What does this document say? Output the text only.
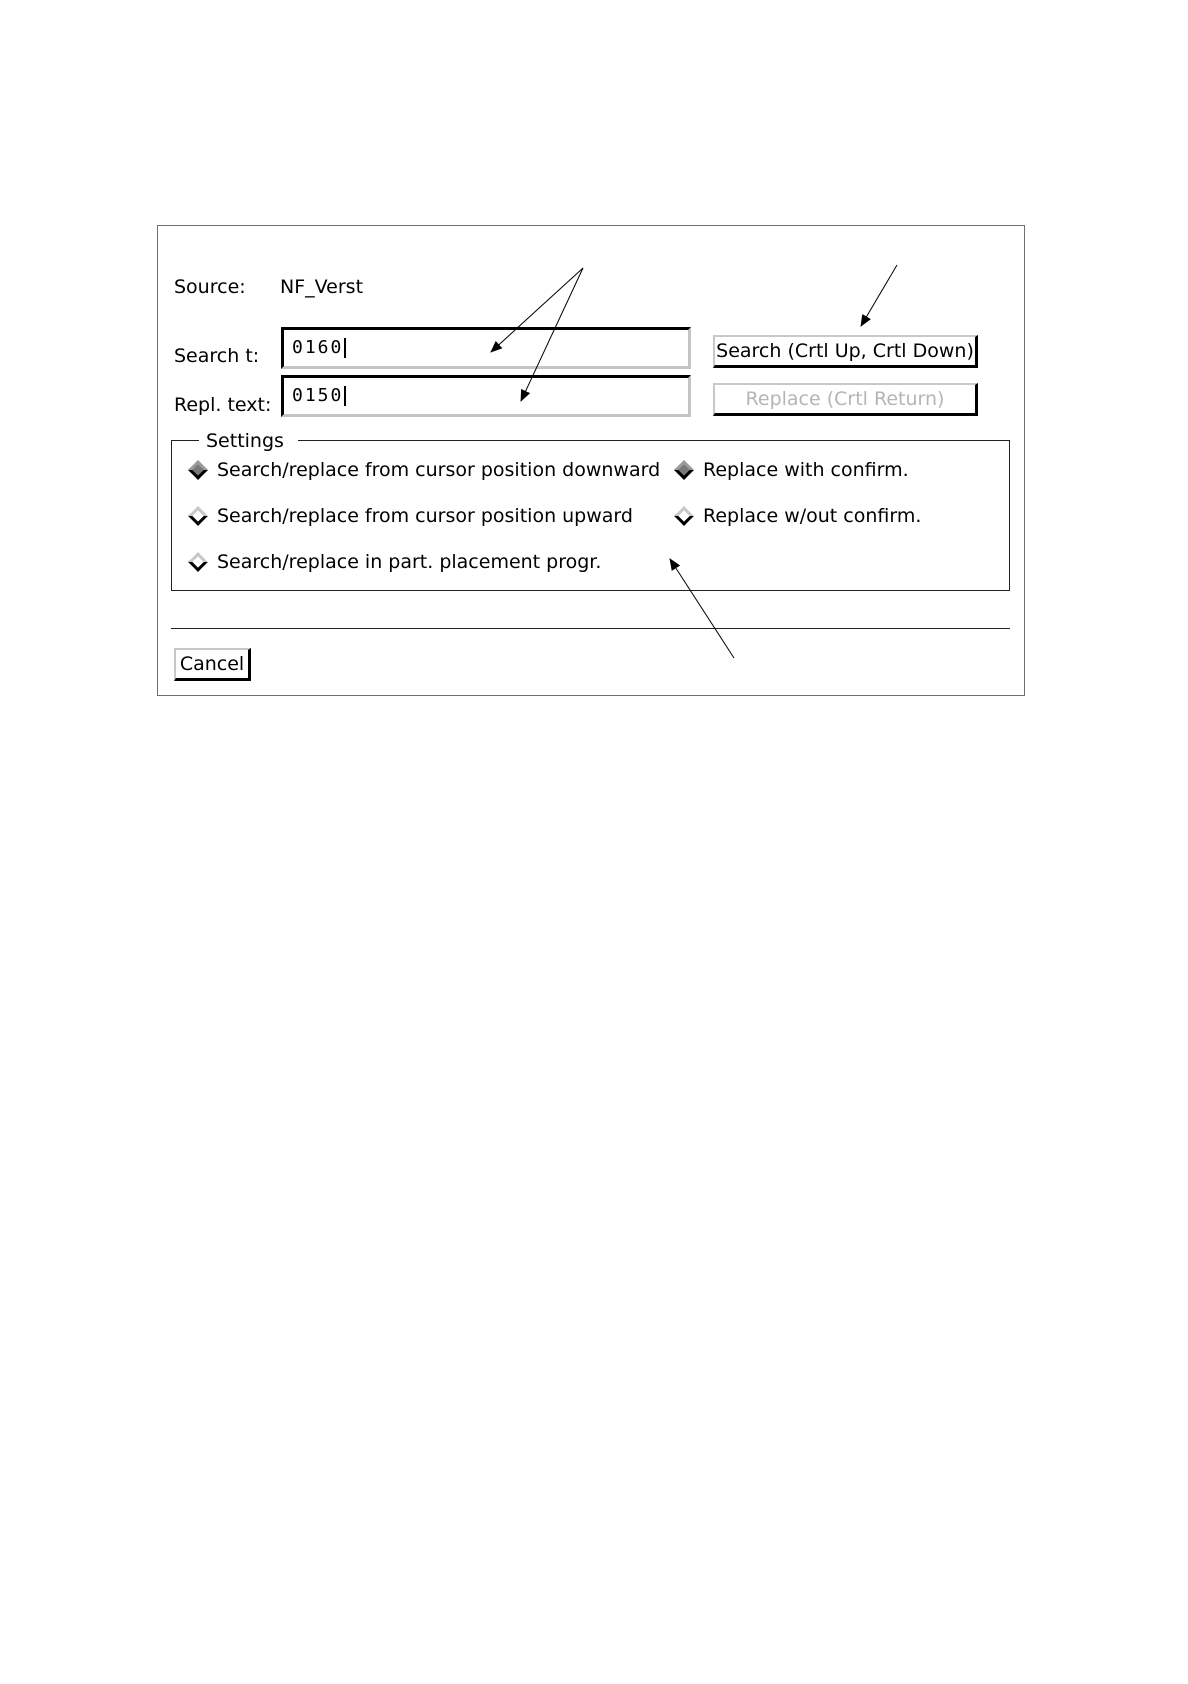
Source: NF_Verst
Search t:	0160
Repl. text:	0150
Search (Crtl Up, Crtl Down)
Replace (Crtl Return)
Settings
Search/replace from cursor position downward
Search/replace from cursor position upward
Search/replace in part. placement progr.
Replace with confirm.
Replace w/out confirm.
Cancel
